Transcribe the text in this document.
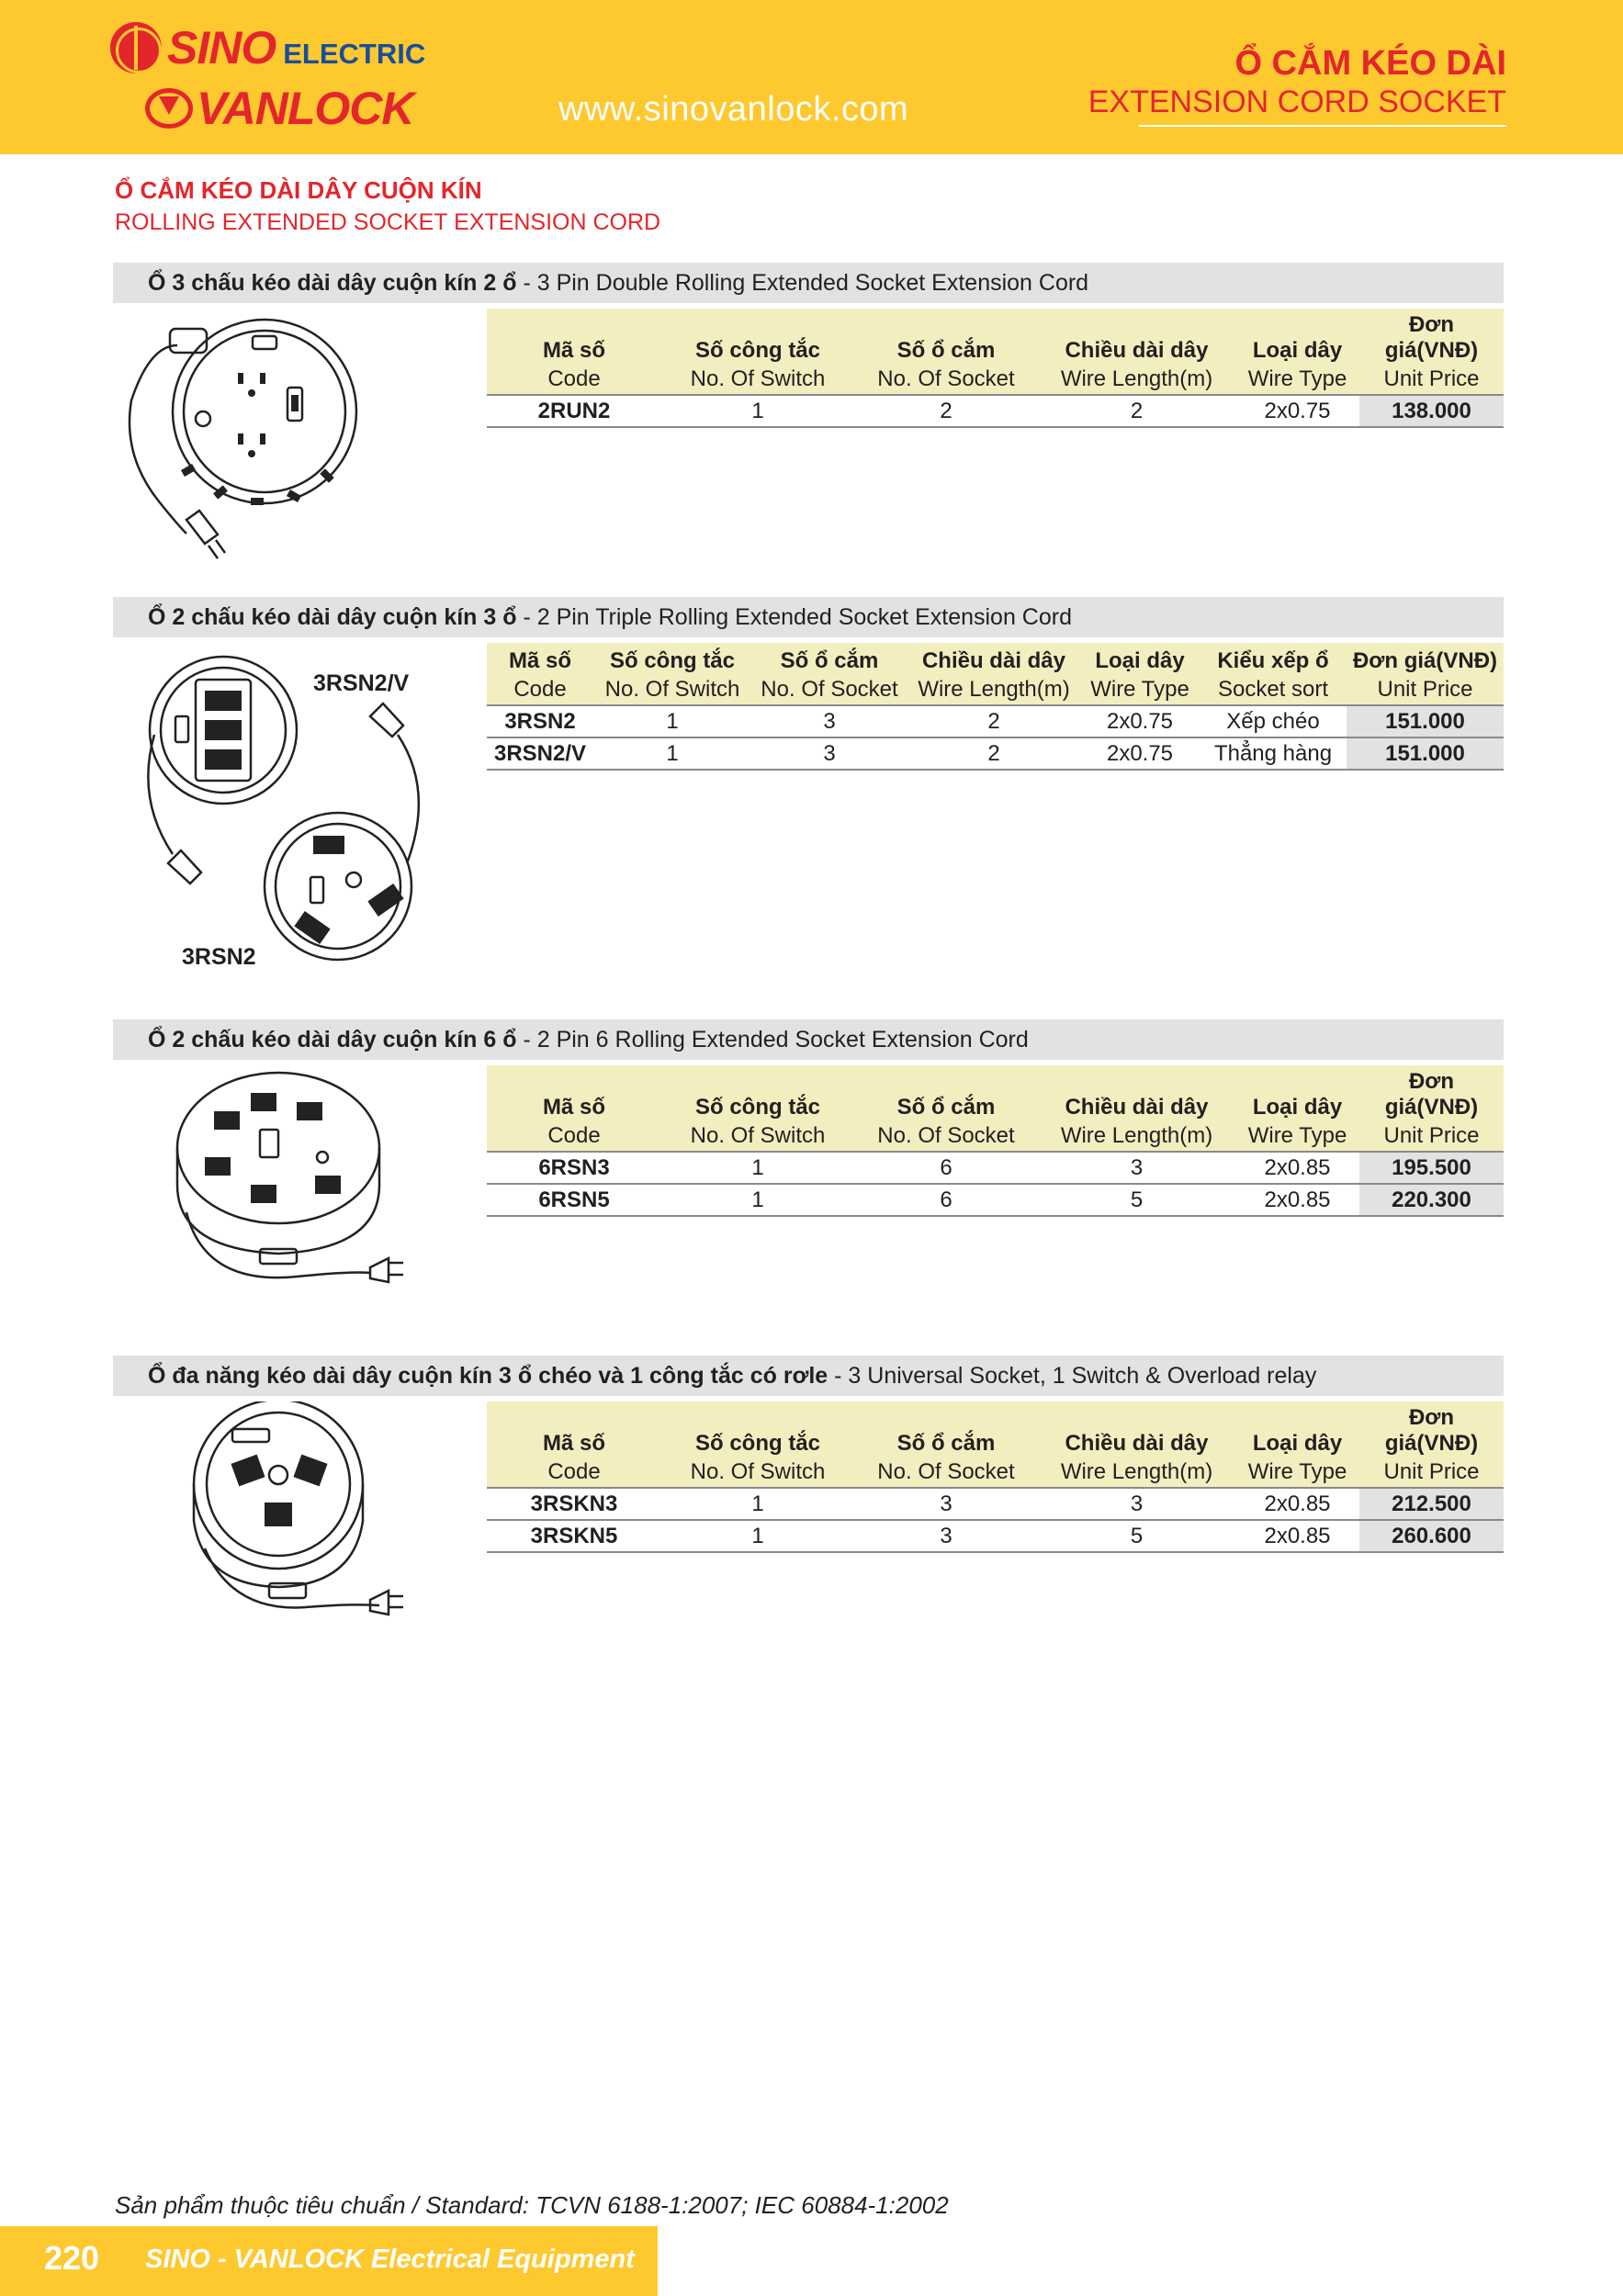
SINO ELECTRIC
VANLOCK	www.sinovanlock.com
Ổ CẮM KÉO DÀI
EXTENSION CORD SOCKET
Ổ CẮM KÉO DÀI DÂY CUỘN KÍN
ROLLING EXTENDED SOCKET EXTENSION CORD
Ổ 3 chấu kéo dài dây cuộn kín 2 ổ - 3 Pin Double Rolling Extended Socket Extension Cord
Mã số	Số công tắc	Số ổ cắm	Chiều dài dây	Loại dây	Đơn giá(VNĐ)
Code	No. Of Switch	No. Of Socket	Wire Length(m)	Wire Type	Unit Price
2RUN2	1	2	2	2x0.75	138.000
Ổ 2 chấu kéo dài dây cuộn kín 3 ổ - 2 Pin Triple Rolling Extended Socket Extension Cord
3RSN2/V
3RSN2
Mã số	Số công tắc	Số ổ cắm	Chiều dài dây	Loại dây	Kiểu xếp ổ	Đơn giá(VNĐ)
Code	No. Of Switch	No. Of Socket	Wire Length(m)	Wire Type	Socket sort	Unit Price
3RSN2	1	3	2	2x0.75	Xếp chéo	151.000
3RSN2/V	1	3	2	2x0.75	Thẳng hàng	151.000
Ổ 2 chấu kéo dài dây cuộn kín 6 ổ - 2 Pin 6 Rolling Extended Socket Extension Cord
Mã số	Số công tắc	Số ổ cắm	Chiều dài dây	Loại dây	Đơn giá(VNĐ)
Code	No. Of Switch	No. Of Socket	Wire Length(m)	Wire Type	Unit Price
6RSN3	1	6	3	2x0.85	195.500
6RSN5	1	6	5	2x0.85	220.300
Ổ đa năng kéo dài dây cuộn kín 3 ổ chéo và 1 công tắc có rơle - 3 Universal Socket, 1 Switch & Overload relay
Mã số	Số công tắc	Số ổ cắm	Chiều dài dây	Loại dây	Đơn giá(VNĐ)
Code	No. Of Switch	No. Of Socket	Wire Length(m)	Wire Type	Unit Price
3RSKN3	1	3	3	2x0.85	212.500
3RSKN5	1	3	5	2x0.85	260.600
Sản phẩm thuộc tiêu chuẩn / Standard: TCVN 6188-1:2007; IEC 60884-1:2002
220 SINO - VANLOCK Electrical Equipment
